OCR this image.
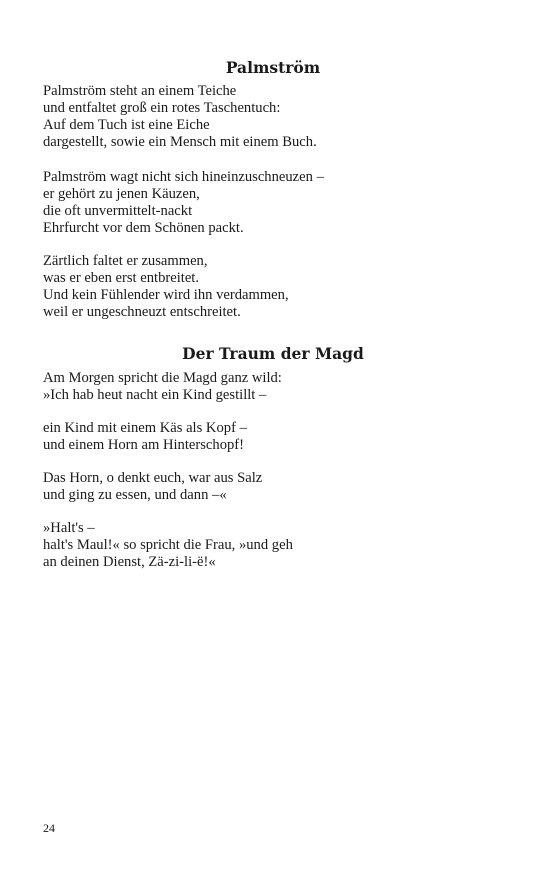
Palmström
Palmström steht an einem Teiche
und entfaltet groß ein rotes Taschentuch:
Auf dem Tuch ist eine Eiche
dargestellt, sowie ein Mensch mit einem Buch.
Palmström wagt nicht sich hineinzuschneuzen –
er gehört zu jenen Käuzen,
die oft unvermittelt-nackt
Ehrfurcht vor dem Schönen packt.
Zärtlich faltet er zusammen,
was er eben erst entbreitet.
Und kein Fühlender wird ihn verdammen,
weil er ungeschneuzt entschreitet.
Der Traum der Magd
Am Morgen spricht die Magd ganz wild:
»Ich hab heut nacht ein Kind gestillt –
ein Kind mit einem Käs als Kopf –
und einem Horn am Hinterschopf!
Das Horn, o denkt euch, war aus Salz
und ging zu essen, und dann –«
»Halt's –
halt's Maul!« so spricht die Frau, »und geh
an deinen Dienst, Zä-zi-li-ë!«
24
